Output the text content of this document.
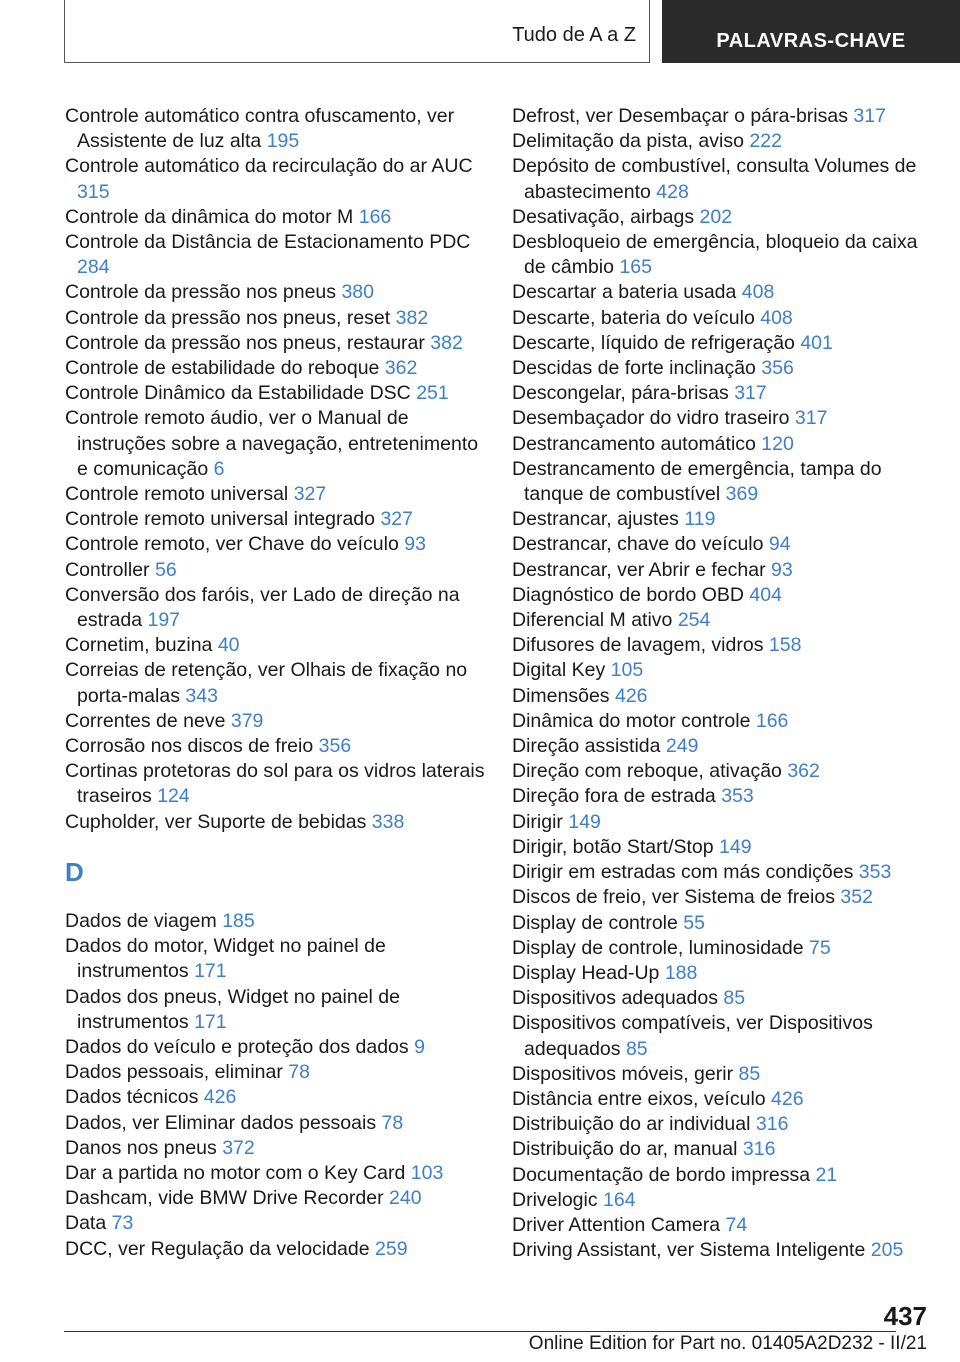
Tudo de A a Z	PALAVRAS-CHAVE
Controle automático contra ofuscamento, ver Assistente de luz alta 195
Controle automático da recirculação do ar AUC 315
Controle da dinâmica do motor M 166
Controle da Distância de Estacionamento PDC 284
Controle da pressão nos pneus 380
Controle da pressão nos pneus, reset 382
Controle da pressão nos pneus, restaurar 382
Controle de estabilidade do reboque 362
Controle Dinâmico da Estabilidade DSC 251
Controle remoto áudio, ver o Manual de instruções sobre a navegação, entretenimento e comunicação 6
Controle remoto universal 327
Controle remoto universal integrado 327
Controle remoto, ver Chave do veículo 93
Controller 56
Conversão dos faróis, ver Lado de direção na estrada 197
Cornetim, buzina 40
Correias de retenção, ver Olhais de fixação no porta-malas 343
Correntes de neve 379
Corrosão nos discos de freio 356
Cortinas protetoras do sol para os vidros laterais traseiros 124
Cupholder, ver Suporte de bebidas 338
D
Dados de viagem 185
Dados do motor, Widget no painel de instrumentos 171
Dados dos pneus, Widget no painel de instrumentos 171
Dados do veículo e proteção dos dados 9
Dados pessoais, eliminar 78
Dados técnicos 426
Dados, ver Eliminar dados pessoais 78
Danos nos pneus 372
Dar a partida no motor com o Key Card 103
Dashcam, vide BMW Drive Recorder 240
Data 73
DCC, ver Regulação da velocidade 259
Defrost, ver Desembaçar o pára-brisas 317
Delimitação da pista, aviso 222
Depósito de combustível, consulta Volumes de abastecimento 428
Desativação, airbags 202
Desbloqueio de emergência, bloqueio da caixa de câmbio 165
Descartar a bateria usada 408
Descarte, bateria do veículo 408
Descarte, líquido de refrigeração 401
Descidas de forte inclinação 356
Descongelar, pára-brisas 317
Desembaçador do vidro traseiro 317
Destrancamento automático 120
Destrancamento de emergência, tampa do tanque de combustível 369
Destrancar, ajustes 119
Destrancar, chave do veículo 94
Destrancar, ver Abrir e fechar 93
Diagnóstico de bordo OBD 404
Diferencial M ativo 254
Difusores de lavagem, vidros 158
Digital Key 105
Dimensões 426
Dinâmica do motor controle 166
Direção assistida 249
Direção com reboque, ativação 362
Direção fora de estrada 353
Dirigir 149
Dirigir, botão Start/Stop 149
Dirigir em estradas com más condições 353
Discos de freio, ver Sistema de freios 352
Display de controle 55
Display de controle, luminosidade 75
Display Head-Up 188
Dispositivos adequados 85
Dispositivos compatíveis, ver Dispositivos adequados 85
Dispositivos móveis, gerir 85
Distância entre eixos, veículo 426
Distribuição do ar individual 316
Distribuição do ar, manual 316
Documentação de bordo impressa 21
Drivelogic 164
Driver Attention Camera 74
Driving Assistant, ver Sistema Inteligente 205
437
Online Edition for Part no. 01405A2D232 - II/21
